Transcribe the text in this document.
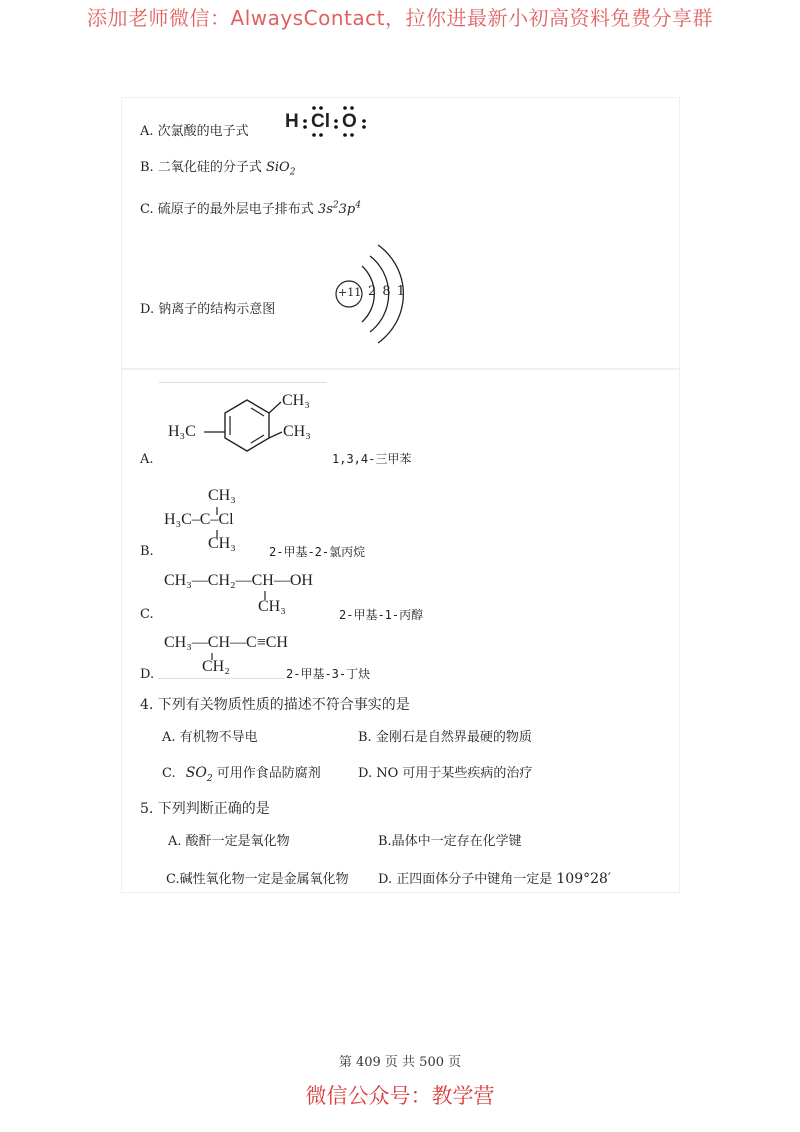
添加老师微信：AlwaysContact，拉你进最新小初高资料免费分享群
微信公众号：教学营
第 409 页 共 500 页
A. 次氯酸的电子式 H Cl O
B. 二氧化硅的分子式 SiO$_2$
C. 硫原子的最外层电子排布式 $3s^23p^4$
D. 钠离子的结构示意图
+11 2 8 1
H₃C
CH₃
CH₃
A.	1,3,4-三甲苯
CH₃
H₃C–C–Cl
CH₃
B.	2-甲基-2-氯丙烷
CH₃—CH₂—CH—OH
CH₃
C.	2-甲基-1-丙醇
CH₃—CH—C≡CH
CH₂
D.	2-甲基-3-丁炔
4. 下列有关物质性质的描述不符合事实的是
A. 有机物不导电	B. 金刚石是自然界最硬的物质
C. $SO_2$ 可用作食品防腐剂	D. NO 可用于某些疾病的治疗
5. 下列判断正确的是
A. 酸酐一定是氧化物	B.晶体中一定存在化学键
C.碱性氧化物一定是金属氧化物 D. 正四面体分子中键角一定是 109°28′
